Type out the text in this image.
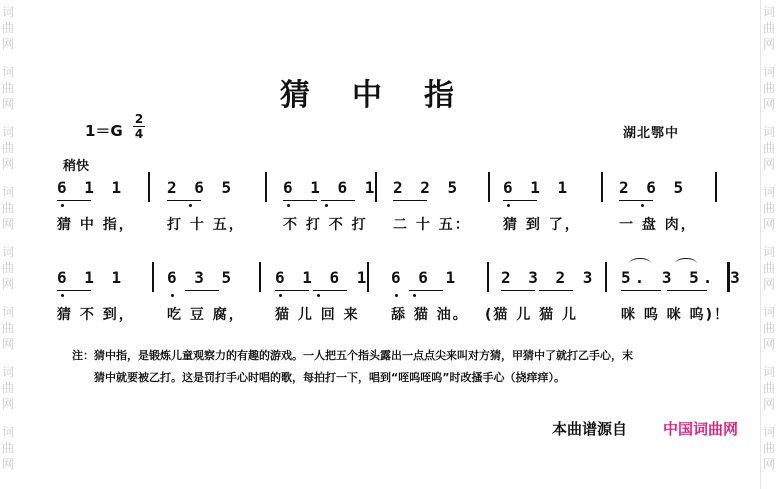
词
曲
网
词
曲
网
词
曲
网
词
曲
网
词
曲
网
词
曲
网
词
曲
网
词
曲
网
词
曲
网
词
曲
网
词
曲
网
词
曲
网
词
曲
网
词
曲
网
词
曲
网
词
曲
网
猜中指
1＝G
2
4	湖北鄂中
稍快
6 1 1	2 6 5	6 1 6 1 2 2 5	6 1 1	2 6 5
猜 中 指， 打 十 五，	不 打 不 打 二 十 五： 猜 到 了，	一 盘 肉，
6 1 1	6 3 5 6 1 6 1 6 6 1	2 3 2 3 5. 3 5. 3
猜 不 到， 吃 豆 腐， 猫 儿 回 来 舔 猫 油。 (猫 儿 猫 儿	咪 呜 咪 呜)！
注：猜中指，是锻炼儿童观察力的有趣的游戏。一人把五个指头露出一点点尖来叫对方猜，甲猜中了就打乙手心，末
猜中就要被乙打。这是罚打手心时唱的歌，每拍打一下，唱到“咥呜咥呜”时改搔手心（挠痒痒）。
本曲谱源自 中国词曲网
